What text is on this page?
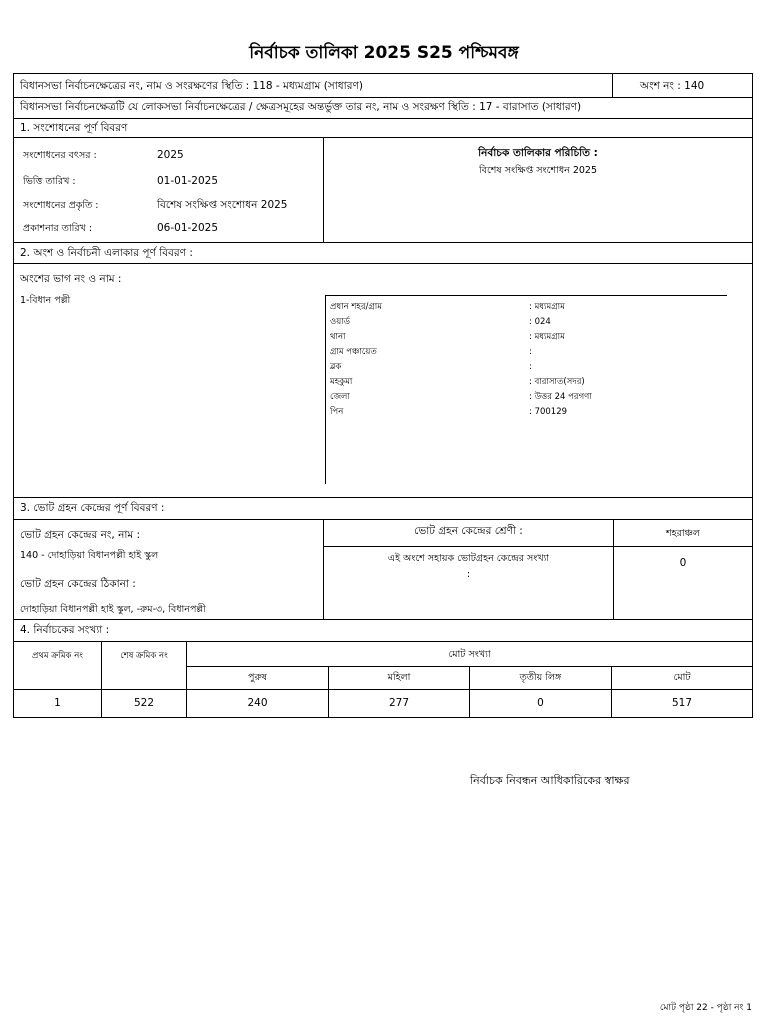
নির্বাচক তালিকা 2025 S25 পশ্চিমবঙ্গ
বিধানসভা নির্বাচনক্ষেত্রের নং, নাম ও সংরক্ষণের স্থিতি : 118 - মধ্যমগ্রাম (সাধারণ)	অংশ নং : 140
বিধানসভা নির্বাচনক্ষেত্রটি যে লোকসভা নির্বাচনক্ষেত্রের / ক্ষেত্রসমূহের অন্তর্ভুক্ত তার নং, নাম ও সংরক্ষণ স্থিতি : 17 - বারাসাত (সাধারণ)
1. সংশোধনের পূর্ণ বিবরণ
সংশোধনের বৎসর :	2025
ভিত্তি তারিখ :	01-01-2025
সংশোধনের প্রকৃতি :	বিশেষ সংক্ষিপ্ত সংশোধন 2025
প্রকাশনার তারিখ :	06-01-2025
নির্বাচক তালিকার পরিচিতি :
বিশেষ সংক্ষিপ্ত সংশোধন 2025
2. অংশ ও নির্বাচনী এলাকার পূর্ণ বিবরণ :
অংশের ভাগ নং ও নাম :
1-বিধান পল্লী
প্রধান শহর/গ্রাম	: মধ্যমগ্রাম
ওয়ার্ড	: 024
থানা	: মধ্যমগ্রাম
গ্রাম পঞ্চায়েত	:
ব্লক	:
মহকুমা	: বারাসাত(সদর)
জেলা	: উত্তর 24 পরগণা
পিন	: 700129
3. ভোট গ্রহন কেন্দ্রের পূর্ণ বিবরণ :
ভোট গ্রহন কেন্দ্রের নং, নাম :
140 - দোহাড়িয়া বিধানপল্লী হাই স্কুল
ভোট গ্রহন কেন্দ্রের ঠিকানা :
দোহাড়িয়া বিধানপল্লী হাই স্কুল, -রুম-৩, বিধানপল্লী
ভোট গ্রহন কেন্দ্রের শ্রেণী :	শহরাঞ্চল
এই অংশে সহায়ক ভোটগ্রহন কেন্দ্রের সংখ্যা
:
0
4. নির্বাচকের সংখ্যা :
প্রথম ক্রমিক নং	শেষ ক্রমিক নং	মোট সংখ্যা
পুরুষ	মহিলা	তৃতীয় লিঙ্গ	মোট
1	522	240	277	0	517
নির্বাচক নিবন্ধন আধিকারিকের স্বাক্ষর
মোট পৃষ্ঠা 22 - পৃষ্ঠা নং 1
